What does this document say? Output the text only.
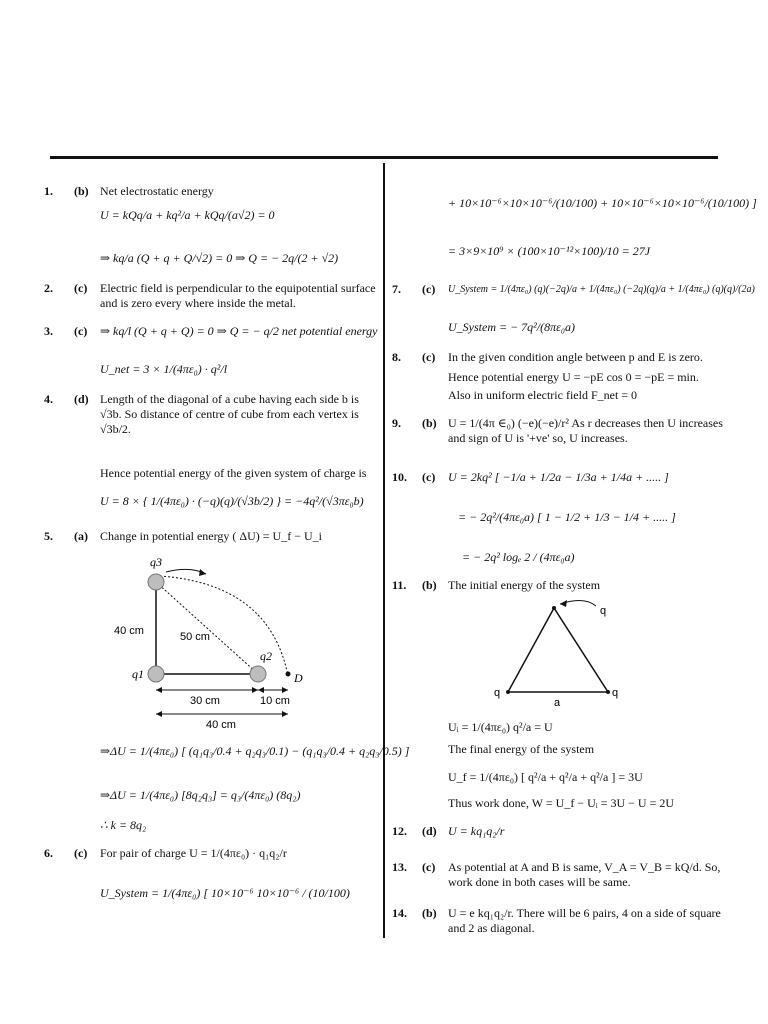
1. (b) Net electrostatic energy
U = kQq/a + kq²/a + kQq/(a√2) = 0
⇒ kq/a (Q + q + Q/√2) = 0 ⇒ Q = − 2q/(2 + √2)
2. (c) Electric field is perpendicular to the equipotential surface and is zero every where inside the metal.
3. (c) ⇒ kq/l (Q + q + Q) = 0 ⇒ Q = − q/2 net potential energy
U_net = 3 × 1/(4πε₀) · q²/l
4. (d) Length of the diagonal of a cube having each side b is √3b. So distance of centre of cube from each vertex is √3b/2.
Hence potential energy of the given system of charge is
U = 8 × { 1/(4πε₀) · (−q)(q)/(√3b/2) } = −4q²/(√3πε₀b)
5. (a) Change in potential energy ( ΔU) = U_f − U_i
q3
q2
q1	D
40 cm	50 cm
30 cm	10 cm
40 cm
⇒ΔU = 1/(4πε₀) [ (q₁q₃/0.4 + q₂q₃/0.1) − (q₁q₃/0.4 + q₂q₃/0.5) ]
⇒ΔU = 1/(4πε₀) [8q₂q₃] = q₃/(4πε₀) (8q₂)
∴ k = 8q₂
6. (c) For pair of charge U = 1/(4πε₀) · q₁q₂/r
U_System = 1/(4πε₀) [ 10×10⁻⁶ 10×10⁻⁶ / (10/100)
+ 10×10⁻⁶×10×10⁻⁶/(10/100) + 10×10⁻⁶×10×10⁻⁶/(10/100) ]
= 3×9×10⁹ × (100×10⁻¹²×100)/10 = 27J
7. (c) U_System = 1/(4πε₀) (q)(−2q)/a + 1/(4πε₀) (−2q)(q)/a + 1/(4πε₀) (q)(q)/(2a)
U_System = − 7q²/(8πε₀a)
8. (c) In the given condition angle between p and E is zero.
Hence potential energy U = −pE cos 0 = −pE = min.
Also in uniform electric field F_net = 0
9. (b) U = 1/(4π ∈₀) (−e)(−e)/r² As r decreases then U increases and sign of U is '+ve' so, U increases.
10. (c) U = 2kq² [ −1/a + 1/2a − 1/3a + 1/4a + ..... ]
= − 2q²/(4πε₀a) [ 1 − 1/2 + 1/3 − 1/4 + ..... ]
= − 2q² logₑ 2 / (4πε₀a)
11. (b) The initial energy of the system
q
q	q
a
Uᵢ = 1/(4πε₀) q²/a = U
The final energy of the system
U_f = 1/(4πε₀) [ q²/a + q²/a + q²/a ] = 3U
Thus work done, W = U_f − Uᵢ = 3U − U = 2U
12. (d) U = kq₁q₂/r
13. (c) As potential at A and B is same, V_A = V_B = kQ/d. So, work done in both cases will be same.
14. (b) U = e kq₁q₂/r. There will be 6 pairs, 4 on a side of square and 2 as diagonal.
